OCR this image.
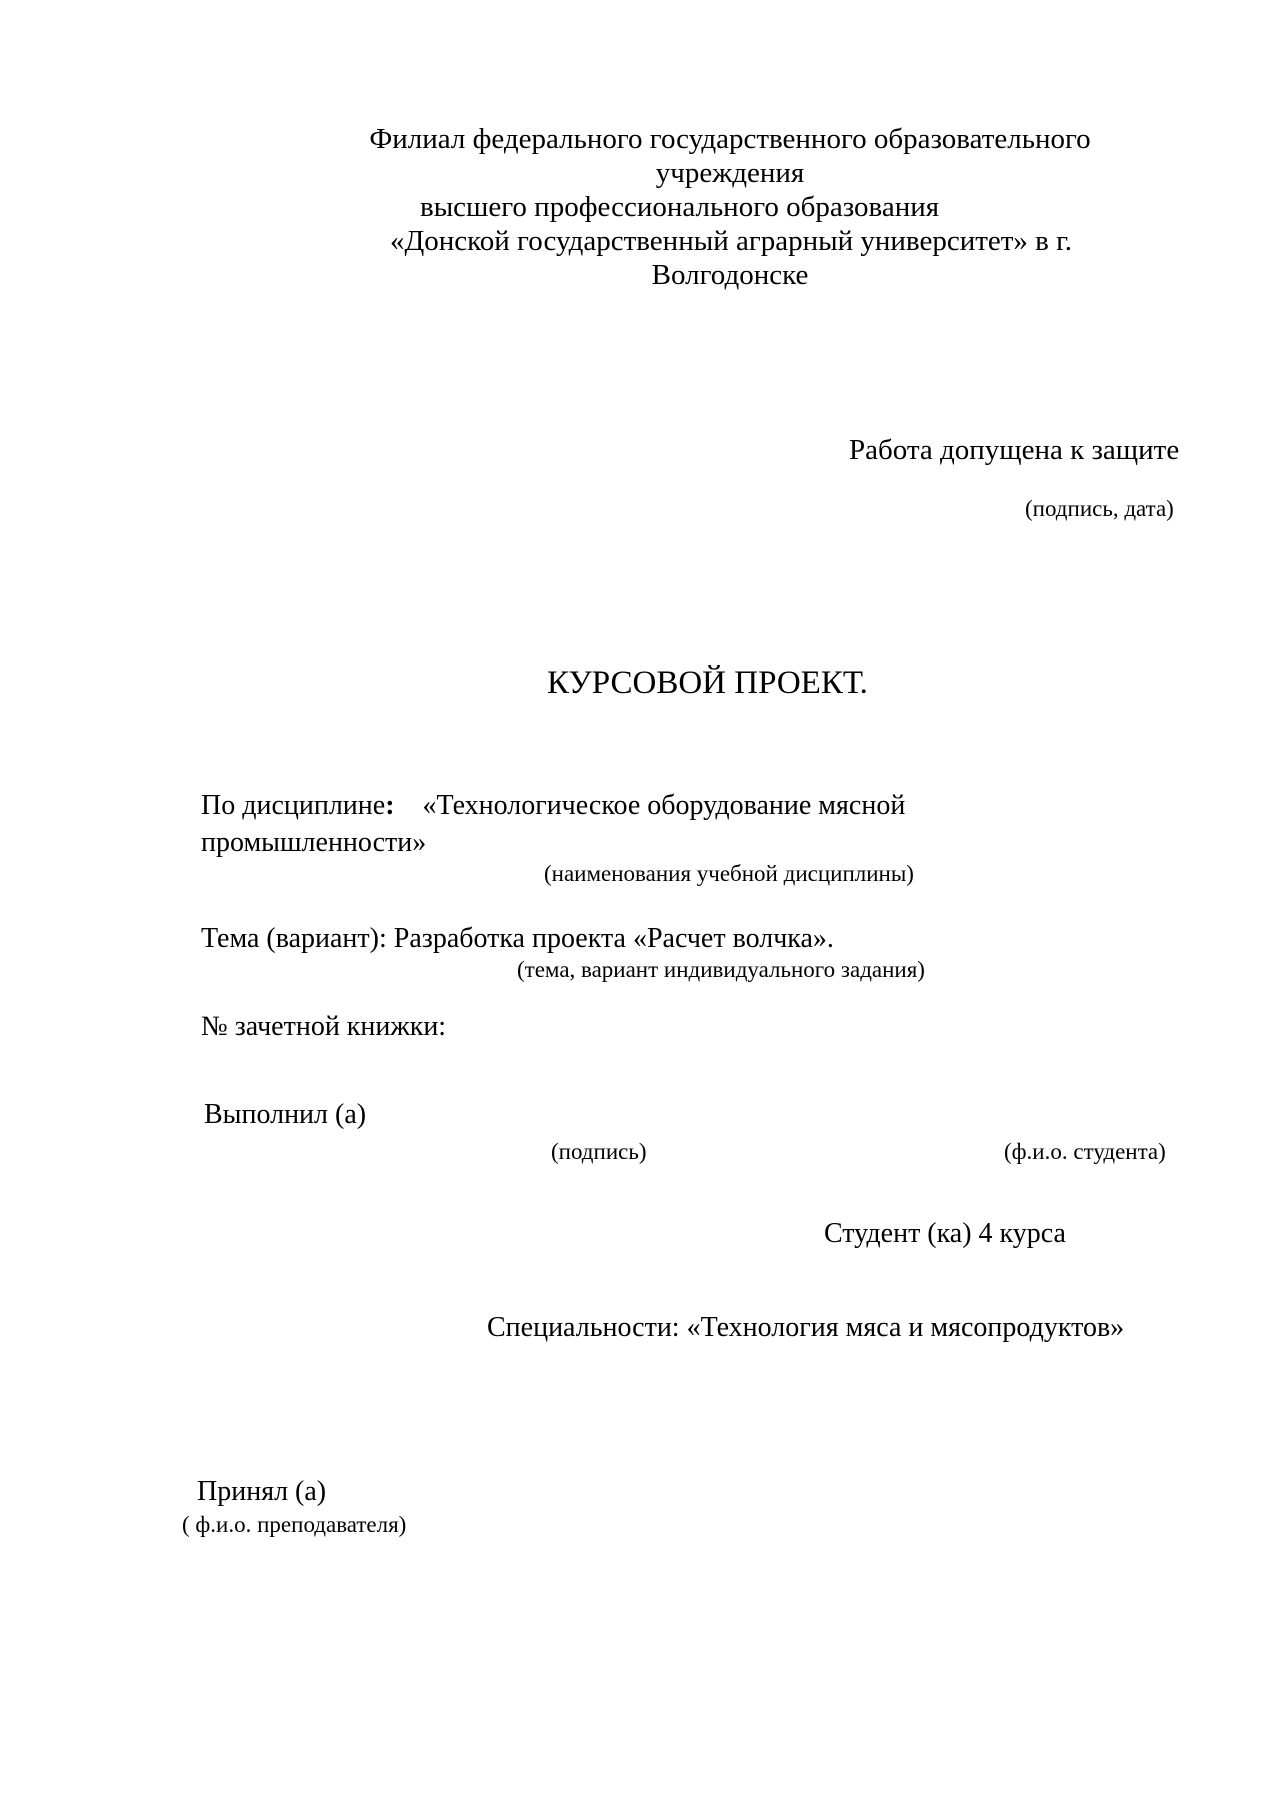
Филиал федерального государственного образовательного
учреждения
высшего профессионального образования
«Донской государственный аграрный университет» в г.
Волгодонске
Работа допущена к защите
(подпись, дата)
КУРСОВОЙ ПРОЕКТ.
По дисциплине: «Технологическое оборудование мясной
промышленности»
(наименования учебной дисциплины)
Тема (вариант): Разработка проекта «Расчет волчка».
(тема, вариант индивидуального задания)
№ зачетной книжки:
Выполнил (а)
(подпись)	(ф.и.о. студента)
Студент (ка) 4 курса
Специальности: «Технология мяса и мясопродуктов»
Принял (а)
( ф.и.о. преподавателя)
